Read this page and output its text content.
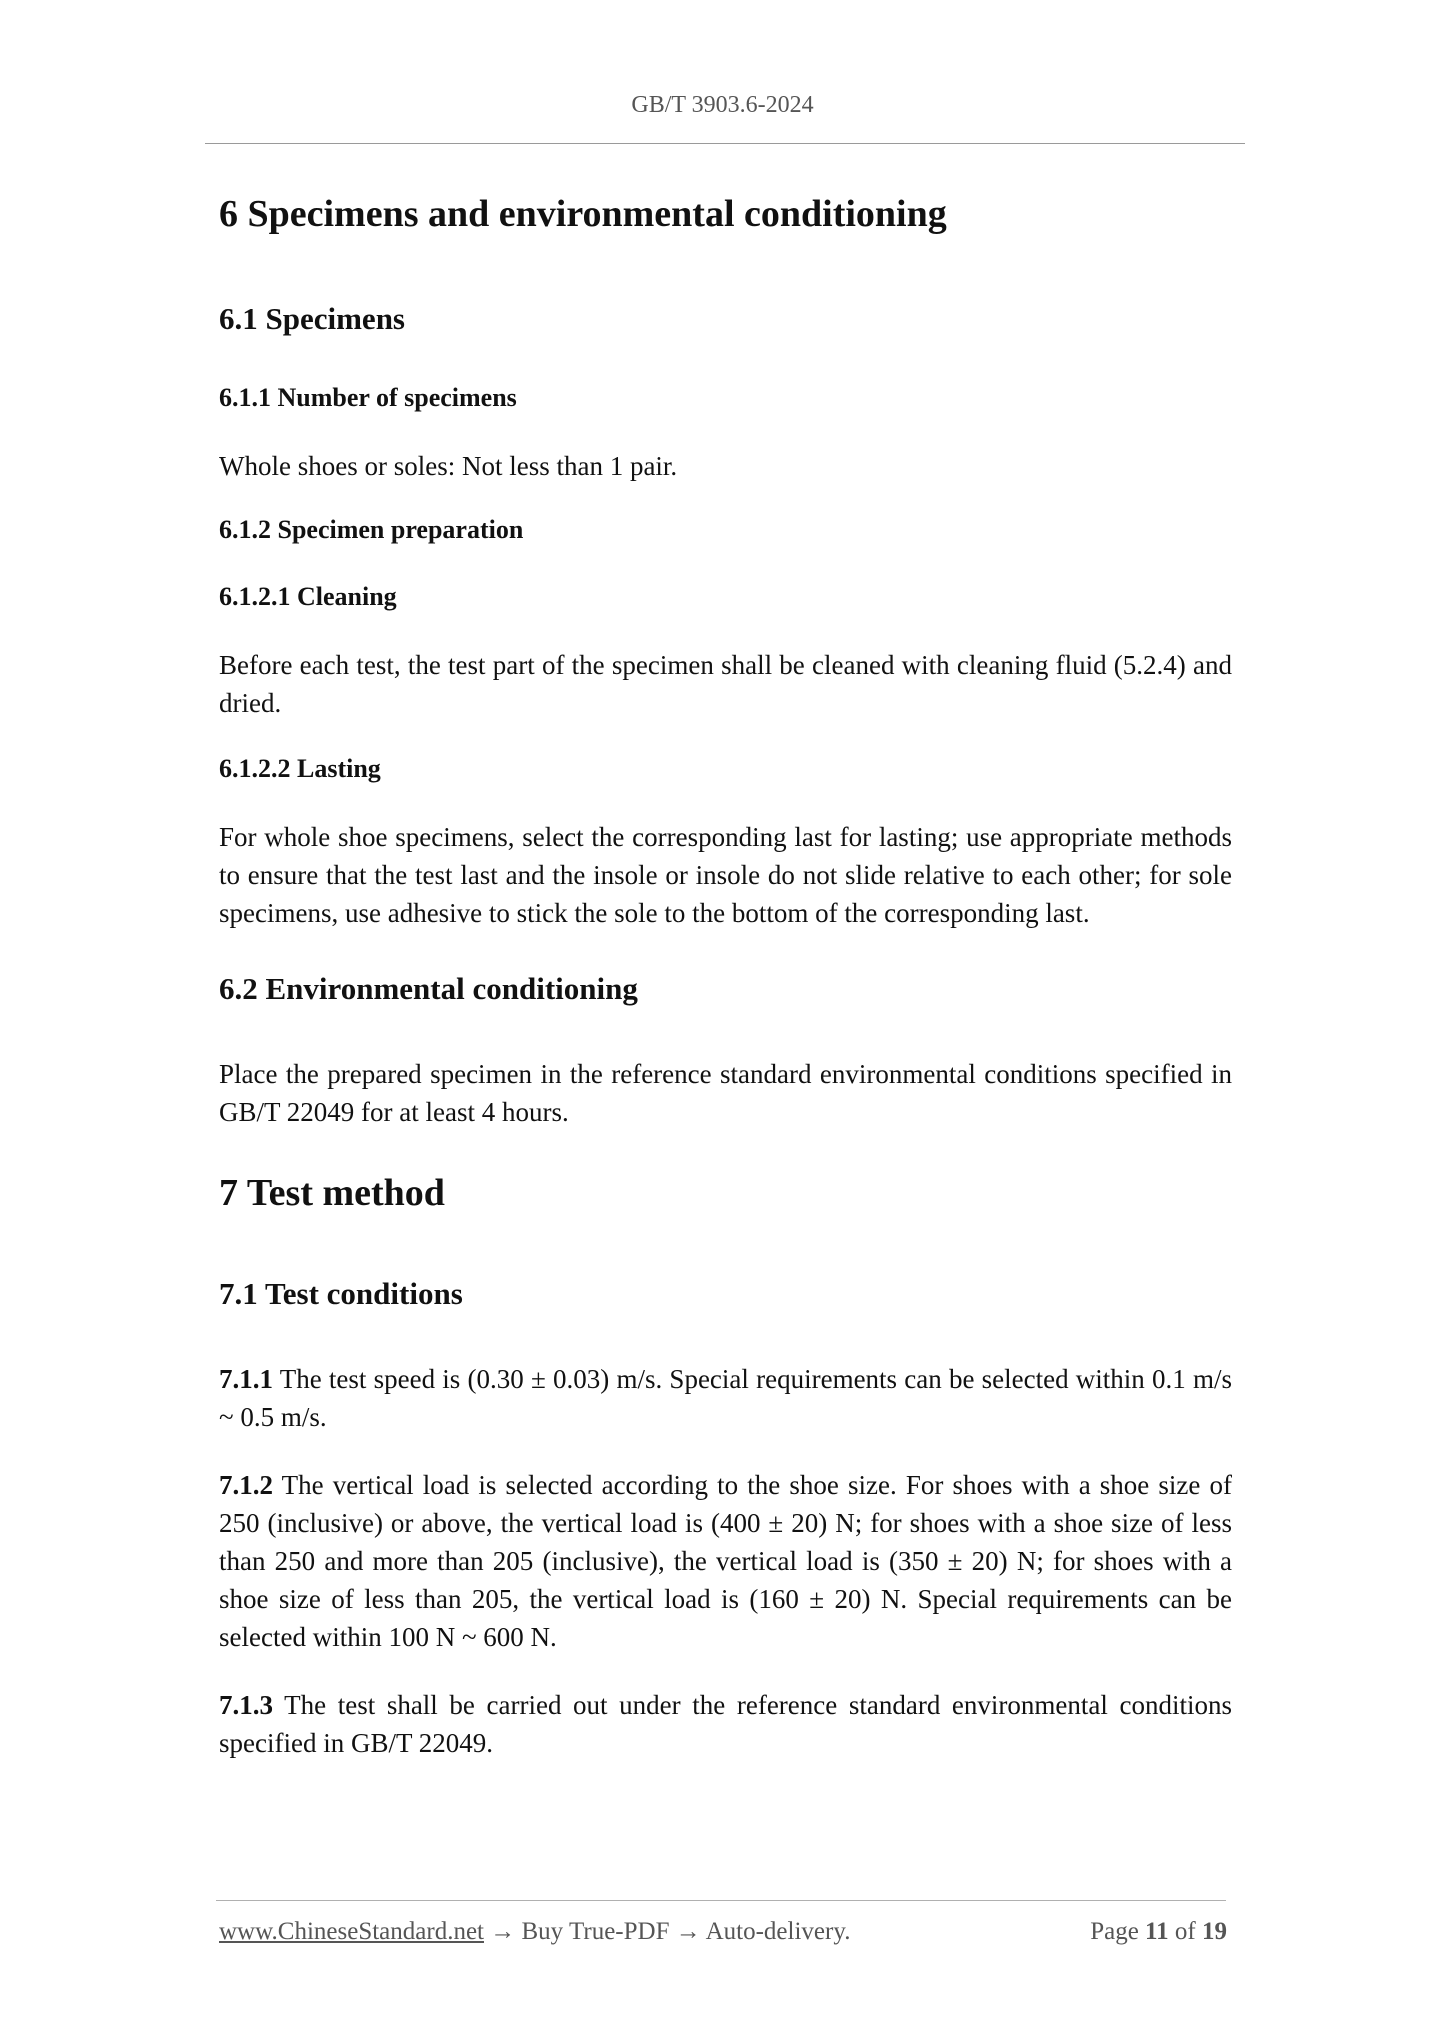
GB/T 3903.6-2024
6 Specimens and environmental conditioning
6.1 Specimens
6.1.1 Number of specimens

Whole shoes or soles: Not less than 1 pair.

6.1.2 Specimen preparation
6.1.2.1 Cleaning

Before each test, the test part of the specimen shall be cleaned with cleaning fluid (5.2.4) and dried.

6.1.2.2 Lasting

For whole shoe specimens, select the corresponding last for lasting; use appropriate methods to ensure that the test last and the insole or insole do not slide relative to each other; for sole specimens, use adhesive to stick the sole to the bottom of the corresponding last.

6.2 Environmental conditioning

Place the prepared specimen in the reference standard environmental conditions specified in GB/T 22049 for at least 4 hours.

7 Test method
7.1 Test conditions

7.1.1 The test speed is (0.30 ± 0.03) m/s. Special requirements can be selected within 0.1 m/s ~ 0.5 m/s.

7.1.2 The vertical load is selected according to the shoe size. For shoes with a shoe size of 250 (inclusive) or above, the vertical load is (400 ± 20) N; for shoes with a shoe size of less than 250 and more than 205 (inclusive), the vertical load is (350 ± 20) N; for shoes with a shoe size of less than 205, the vertical load is (160 ± 20) N. Special requirements can be selected within 100 N ~ 600 N.

7.1.3 The test shall be carried out under the reference standard environmental conditions specified in GB/T 22049.

www.ChineseStandard.net → Buy True-PDF → Auto-delivery.	Page 11 of 19
